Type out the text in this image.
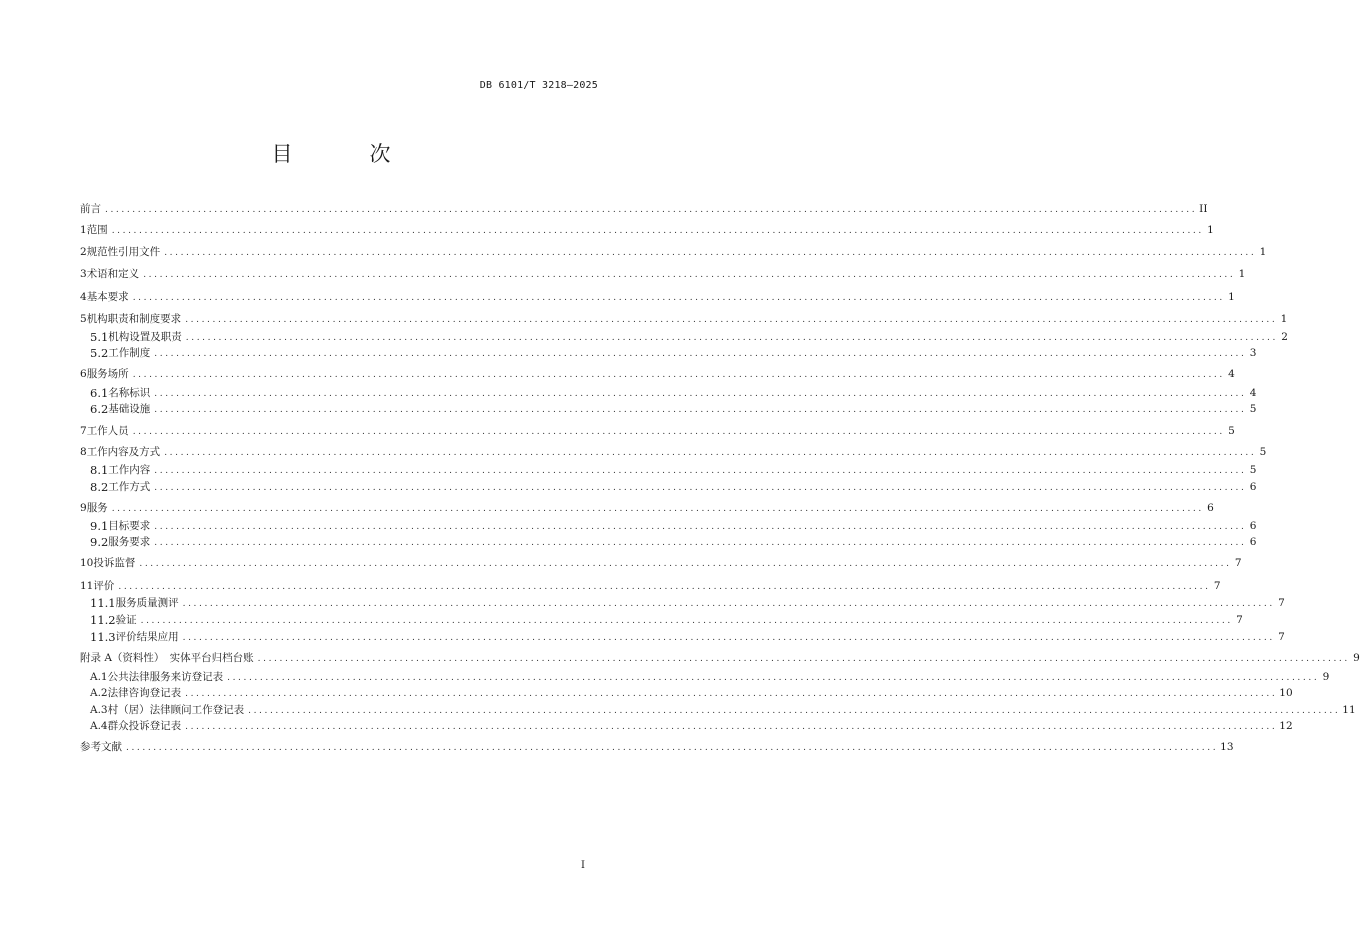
DB 6101/T 3218—2025
目　次
前言 ........................................................................................................................................................................................................ II
1 范围 ........................................................................................................................................................................................................ 1
2 规范性引用文件 ........................................................................................................................................................................................................ 1
3 术语和定义 ........................................................................................................................................................................................................ 1
4 基本要求 ........................................................................................................................................................................................................ 1
5 机构职责和制度要求 ........................................................................................................................................................................................................ 1
5.1 机构设置及职责 ........................................................................................................................................................................................................ 2
5.2 工作制度 ........................................................................................................................................................................................................ 3
6 服务场所 ........................................................................................................................................................................................................ 4
6.1 名称标识 ........................................................................................................................................................................................................ 4
6.2 基础设施 ........................................................................................................................................................................................................ 5
7 工作人员 ........................................................................................................................................................................................................ 5
8 工作内容及方式 ........................................................................................................................................................................................................ 5
8.1 工作内容 ........................................................................................................................................................................................................ 5
8.2 工作方式 ........................................................................................................................................................................................................ 6
9 服务 ........................................................................................................................................................................................................ 6
9.1 目标要求 ........................................................................................................................................................................................................ 6
9.2 服务要求 ........................................................................................................................................................................................................ 6
10 投诉监督 ........................................................................................................................................................................................................ 7
11 评价 ........................................................................................................................................................................................................ 7
11.1 服务质量测评 ........................................................................................................................................................................................................ 7
11.2 验证 ........................................................................................................................................................................................................ 7
11.3 评价结果应用 ........................................................................................................................................................................................................ 7
附录 A（资料性）　实体平台归档台账 ........................................................................................................................................................................................................ 9
A.1 公共法律服务来访登记表 ........................................................................................................................................................................................................ 9
A.2 法律咨询登记表 ........................................................................................................................................................................................................ 10
A.3 村（居）法律顾问工作登记表 ........................................................................................................................................................................................................ 11
A.4 群众投诉登记表 ........................................................................................................................................................................................................ 12
参考文献 ........................................................................................................................................................................................................ 13
I
